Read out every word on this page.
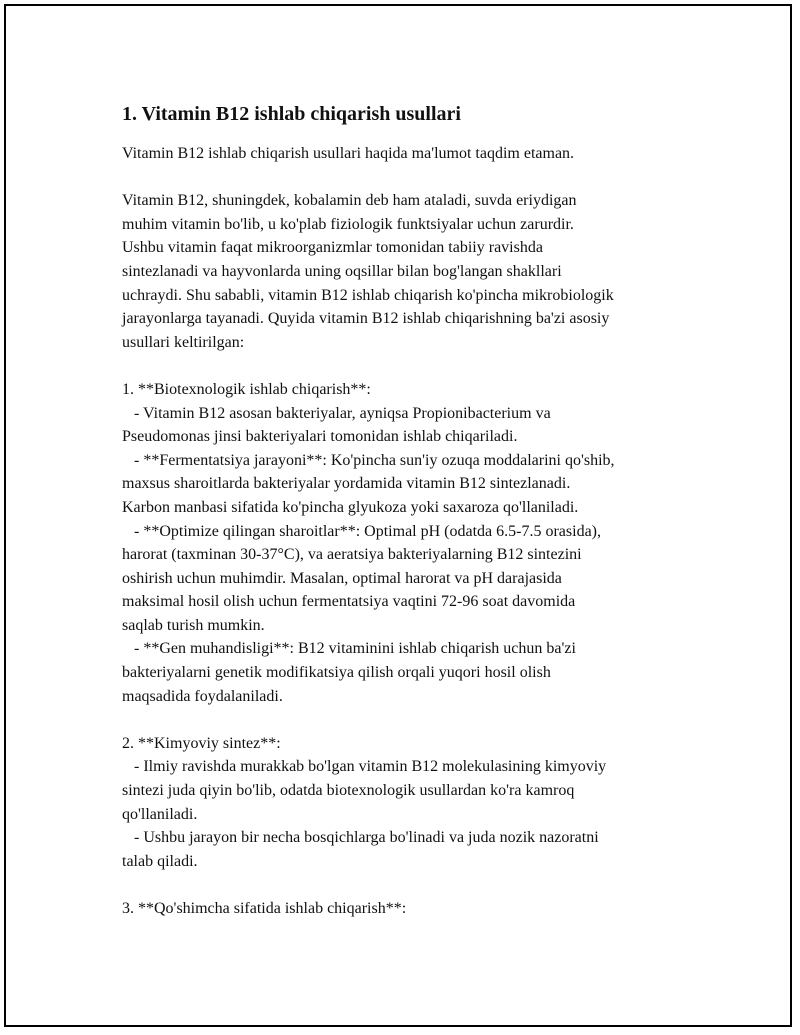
1. Vitamin B12 ishlab chiqarish usullari

Vitamin B12 ishlab chiqarish usullari haqida ma'lumot taqdim etaman.

Vitamin B12, shuningdek, kobalamin deb ham ataladi, suvda eriydigan
muhim vitamin bo'lib, u ko'plab fiziologik funktsiyalar uchun zarurdir.
Ushbu vitamin faqat mikroorganizmlar tomonidan tabiiy ravishda
sintezlanadi va hayvonlarda uning oqsillar bilan bog'langan shakllari
uchraydi. Shu sababli, vitamin B12 ishlab chiqarish ko'pincha mikrobiologik
jarayonlarga tayanadi. Quyida vitamin B12 ishlab chiqarishning ba'zi asosiy
usullari keltirilgan:

1. **Biotexnologik ishlab chiqarish**:
- Vitamin B12 asosan bakteriyalar, ayniqsa Propionibacterium va
Pseudomonas jinsi bakteriyalari tomonidan ishlab chiqariladi.
- **Fermentatsiya jarayoni**: Ko'pincha sun'iy ozuqa moddalarini qo'shib,
maxsus sharoitlarda bakteriyalar yordamida vitamin B12 sintezlanadi.
Karbon manbasi sifatida ko'pincha glyukoza yoki saxaroza qo'llaniladi.
- **Optimize qilingan sharoitlar**: Optimal pH (odatda 6.5-7.5 orasida),
harorat (taxminan 30-37°C), va aeratsiya bakteriyalarning B12 sintezini
oshirish uchun muhimdir. Masalan, optimal harorat va pH darajasida
maksimal hosil olish uchun fermentatsiya vaqtini 72-96 soat davomida
saqlab turish mumkin.
- **Gen muhandisligi**: B12 vitaminini ishlab chiqarish uchun ba'zi
bakteriyalarni genetik modifikatsiya qilish orqali yuqori hosil olish
maqsadida foydalaniladi.

2. **Kimyoviy sintez**:
- Ilmiy ravishda murakkab bo'lgan vitamin B12 molekulasining kimyoviy
sintezi juda qiyin bo'lib, odatda biotexnologik usullardan ko'ra kamroq
qo'llaniladi.
- Ushbu jarayon bir necha bosqichlarga bo'linadi va juda nozik nazoratni
talab qiladi.

3. **Qo'shimcha sifatida ishlab chiqarish**:
